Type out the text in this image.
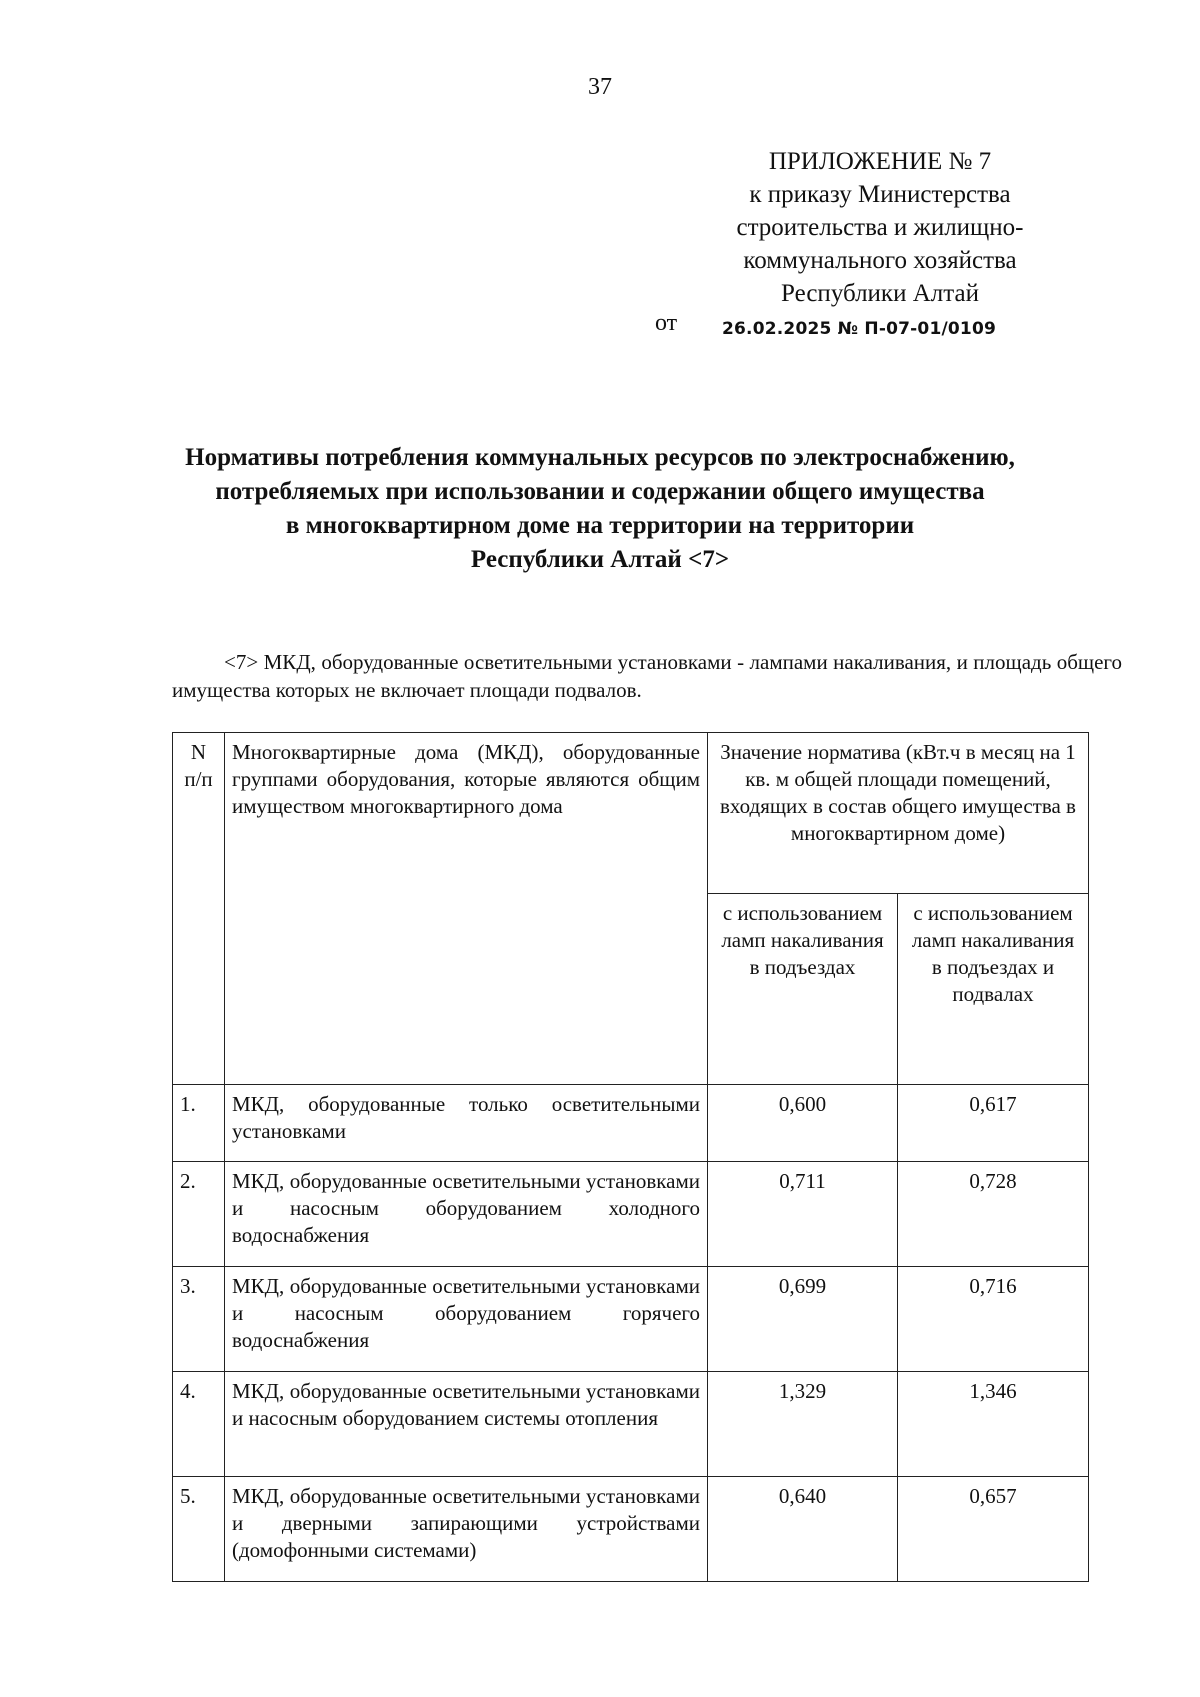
37
ПРИЛОЖЕНИЕ № 7
к приказу Министерства
строительства и жилищно-
коммунального хозяйства
Республики Алтай
от	26.02.2025 № П-07-01/0109
Нормативы потребления коммунальных ресурсов по электроснабжению,
потребляемых при использовании и содержании общего имущества
в многоквартирном доме на территории на территории
Республики Алтай <7>
<7> МКД, оборудованные осветительными установками - лампами накаливания, и площадь общего имущества которых не включает площади подвалов.
N п/п	Многоквартирные дома (МКД), оборудованные группами оборудования, которые являются общим имуществом многоквартирного дома	Значение норматива (кВт.ч в месяц на 1 кв. м общей площади помещений, входящих в состав общего имущества в многоквартирном доме)	
		с использованием ламп накаливания в подъездах	с использованием ламп накаливания в подъездах и подвалах
1.	МКД, оборудованные только осветительными установками	0,600	0,617
2.	МКД, оборудованные осветительными установками и насосным оборудованием холодного водоснабжения	0,711	0,728
3.	МКД, оборудованные осветительными установками и насосным оборудованием горячего водоснабжения	0,699	0,716
4.	МКД, оборудованные осветительными установками и насосным оборудованием системы отопления	1,329	1,346
5.	МКД, оборудованные осветительными установками и дверными запирающими устройствами (домофонными системами)	0,640	0,657
